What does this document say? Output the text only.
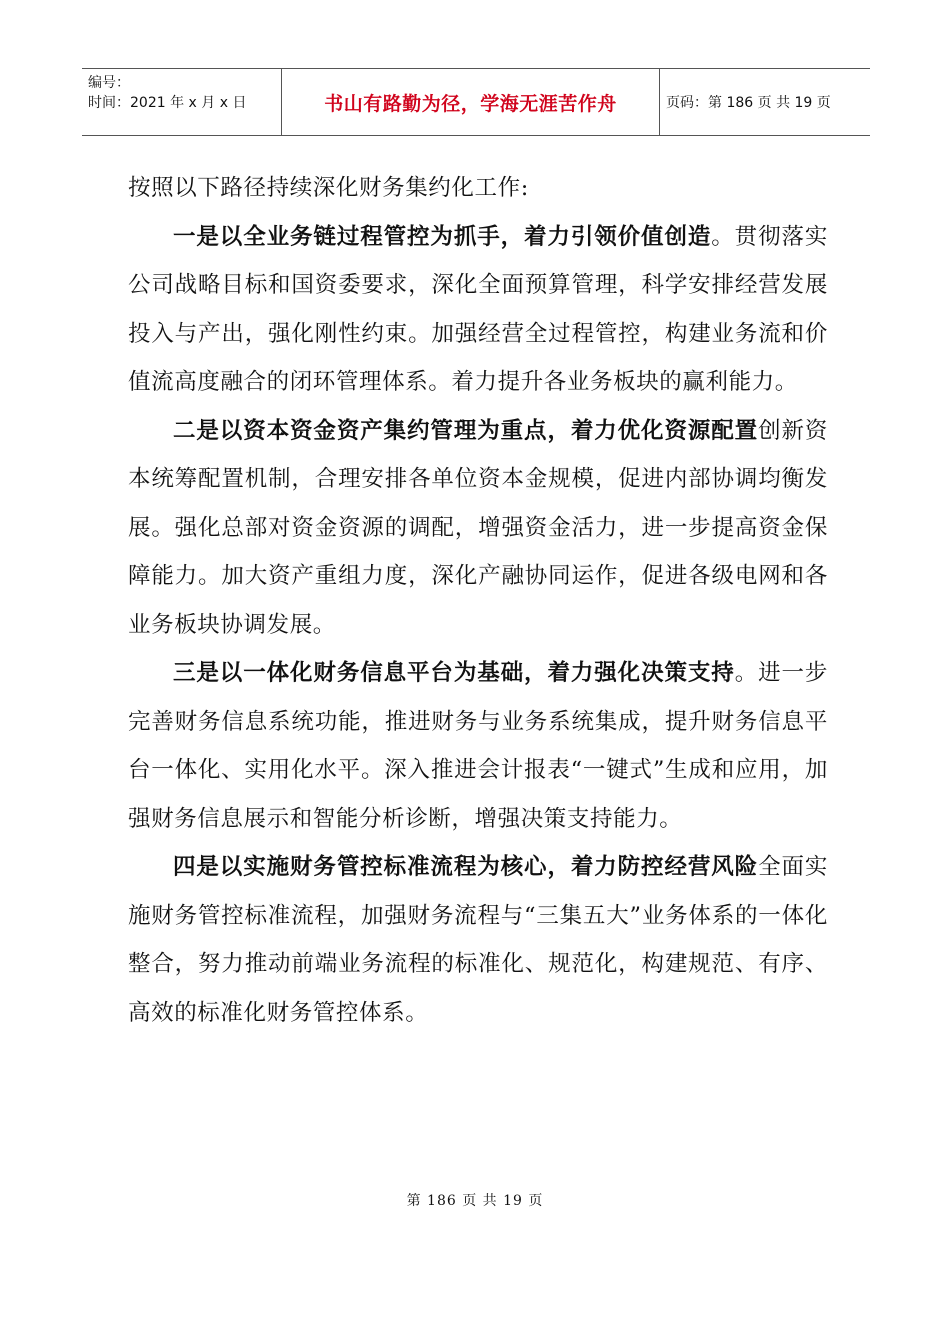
编号：
时间：2021 年 x 月 x 日	书山有路勤为径，学海无涯苦作舟	页码：第 186 页 共 19 页

按照以下路径持续深化财务集约化工作:

一是以全业务链过程管控为抓手，着力引领价值创造。贯彻落实公司战略目标和国资委要求，深化全面预算管理，科学安排经营发展投入与产出，强化刚性约束。加强经营全过程管控，构建业务流和价值流高度融合的闭环管理体系。着力提升各业务板块的赢利能力。

二是以资本资金资产集约管理为重点，着力优化资源配置创新资本统筹配置机制，合理安排各单位资本金规模，促进内部协调均衡发展。强化总部对资金资源的调配，增强资金活力，进一步提高资金保障能力。加大资产重组力度，深化产融协同运作，促进各级电网和各业务板块协调发展。

三是以一体化财务信息平台为基础，着力强化决策支持。进一步完善财务信息系统功能，推进财务与业务系统集成，提升财务信息平台一体化、实用化水平。深入推进会计报表“一键式”生成和应用，加强财务信息展示和智能分析诊断，增强决策支持能力。

四是以实施财务管控标准流程为核心，着力防控经营风险全面实施财务管控标准流程，加强财务流程与“三集五大”业务体系的一体化整合，努力推动前端业务流程的标准化、规范化，构建规范、有序、高效的标准化财务管控体系。

第 186 页 共 19 页
